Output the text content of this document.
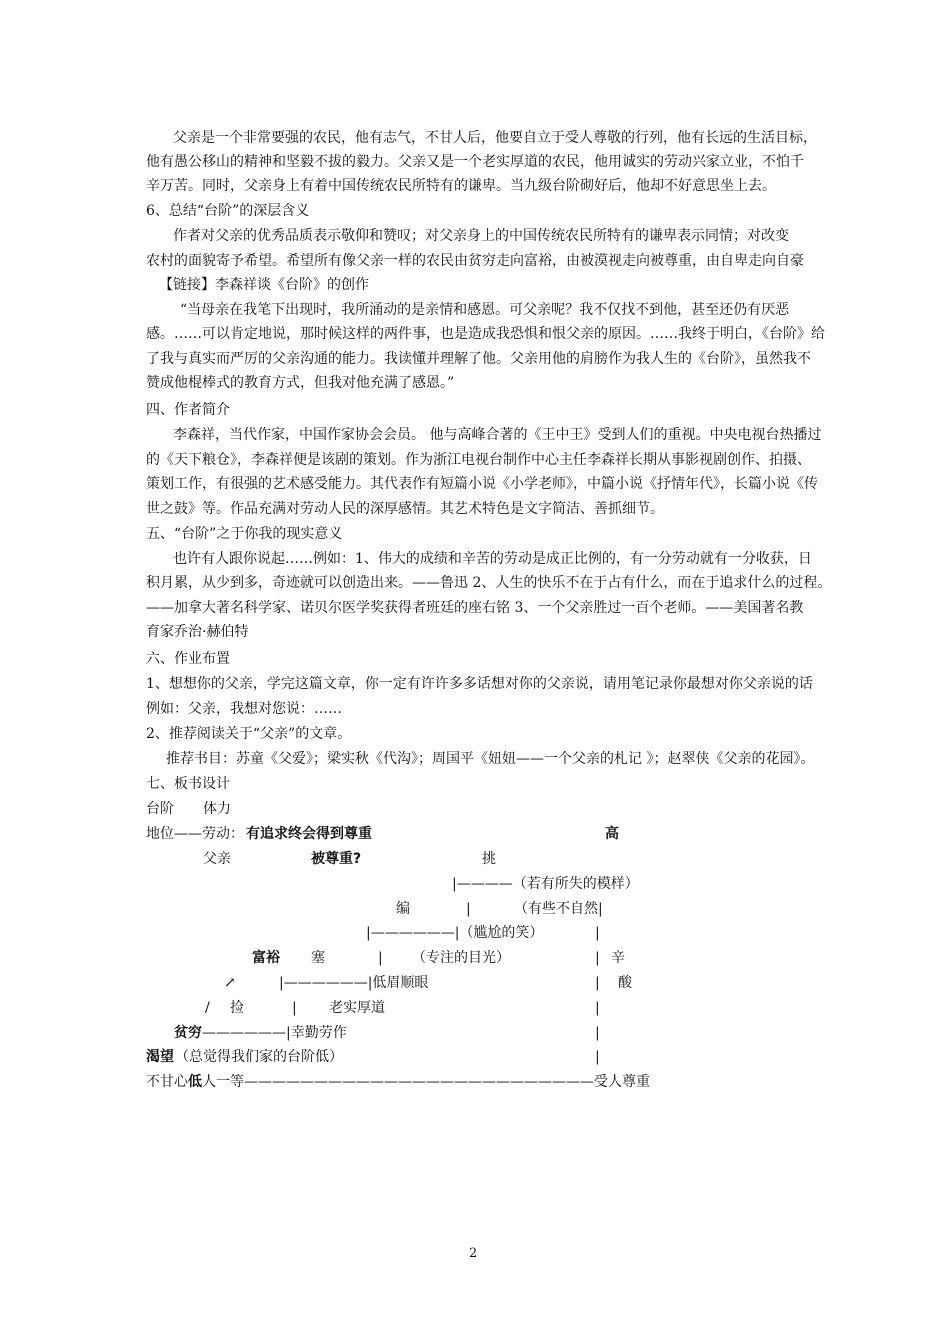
父亲是一个非常要强的农民，他有志气，不甘人后，他要自立于受人尊敬的行列，他有长远的生活目标，
他有愚公移山的精神和坚毅不拔的毅力。父亲又是一个老实厚道的农民，他用诚实的劳动兴家立业，不怕千
辛万苦。同时，父亲身上有着中国传统农民所特有的谦卑。当九级台阶砌好后，他却不好意思坐上去。
6、总结“台阶”的深层含义
作者对父亲的优秀品质表示敬仰和赞叹；对父亲身上的中国传统农民所特有的谦卑表示同情；对改变
农村的面貌寄予希望。希望所有像父亲一样的农民由贫穷走向富裕，由被漠视走向被尊重，由自卑走向自豪
【链接】李森祥谈《台阶》的创作
“当母亲在我笔下出现时，我所涌动的是亲情和感恩。可父亲呢？我不仅找不到他，甚至还仍有厌恶
感。……可以肯定地说，那时候这样的两件事，也是造成我恐惧和恨父亲的原因。……我终于明白，《台阶》给
了我与真实而严厉的父亲沟通的能力。我读懂并理解了他。父亲用他的肩膀作为我人生的《台阶》，虽然我不
赞成他棍棒式的教育方式，但我对他充满了感恩。”
四、作者简介
李森祥，当代作家，中国作家协会会员。 他与高峰合著的《王中王》受到人们的重视。中央电视台热播过
的《天下粮仓》，李森祥便是该剧的策划。作为浙江电视台制作中心主任李森祥长期从事影视剧创作、拍摄、
策划工作，有很强的艺术感受能力。其代表作有短篇小说《小学老师》，中篇小说《抒情年代》，长篇小说《传
世之鼓》等。作品充满对劳动人民的深厚感情。其艺术特色是文字简洁、善抓细节。
五、“台阶”之于你我的现实意义
也许有人跟你说起……例如：1、伟大的成绩和辛苦的劳动是成正比例的，有一分劳动就有一分收获，日
积月累，从少到多，奇迹就可以创造出来。——鲁迅 2、人生的快乐不在于占有什么，而在于追求什么的过程。
——加拿大著名科学家、诺贝尔医学奖获得者班廷的座右铭 3、一个父亲胜过一百个老师。——美国著名教
育家乔治·赫伯特
六、作业布置
1、想想你的父亲，学完这篇文章，你一定有许许多多话想对你的父亲说，请用笔记录你最想对你父亲说的话
例如：父亲，我想对您说：……
2、推荐阅读关于“父亲”的文章。
推荐书目：苏童《父爱》；梁实秋《代沟》；周国平《妞妞——一个父亲的札记 》；赵翠侠《父亲的花园》。
七、板书设计
台阶 体力
地位——劳动： 有追求终会得到尊重	高
父亲	被尊重?	挑
|————（若有所失的模样）
编	|	（有些不自然|
|——————|（尴尬的笑）	|
富裕 塞	| （专注的目光）	| 辛
↗	|——————|低眉顺眼	| 酸
/ 捡	| 老实厚道	|
贫穷 ——————|幸勤劳作	|
渴望 （总觉得我们家的台阶低）	|
不甘心低人一等—————————————————————————受人尊重
2
